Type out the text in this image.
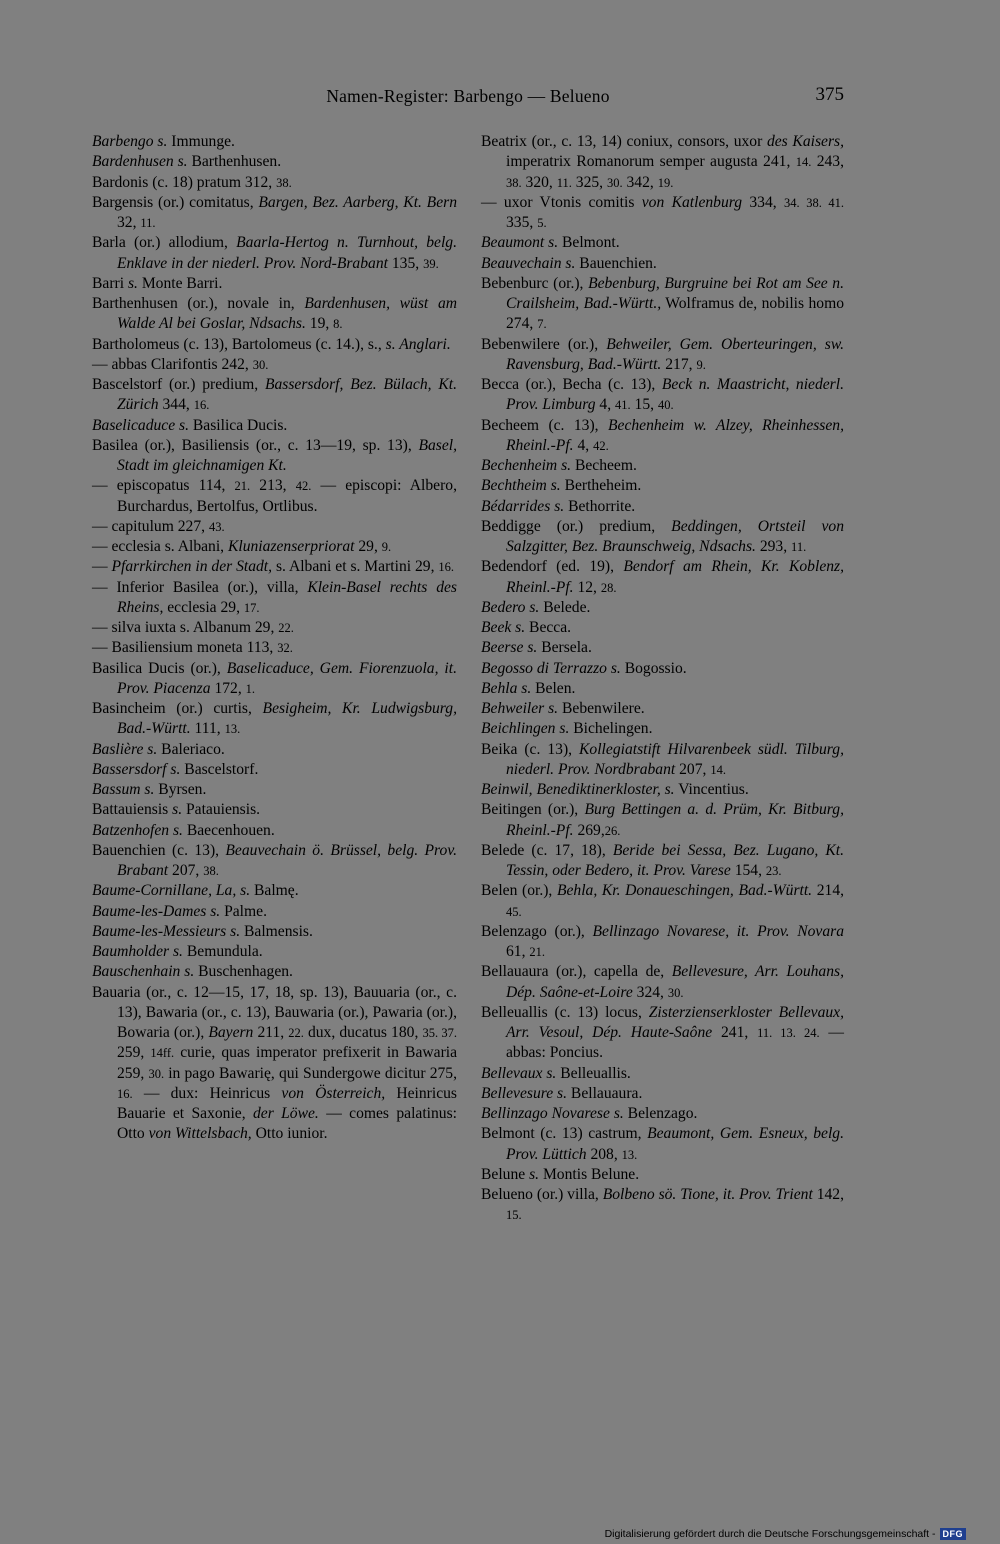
Namen-Register: Barbengo — Belueno	375
Barbengo s. Immunge.
Bardenhusen s. Barthenhusen.
Bardonis (c. 18) pratum 312, 38.
Bargensis (or.) comitatus, Bargen, Bez. Aarberg, Kt. Bern 32, 11.
Barla (or.) allodium, Baarla-Hertog n. Turnhout, belg. Enklave in der niederl. Prov. Nord-Brabant 135, 39.
Barri s. Monte Barri.
Barthenhusen (or.), novale in, Bardenhusen, wüst am Walde Al bei Goslar, Ndsachs. 19, 8.
Bartholomeus (c. 13), Bartolomeus (c. 14.), s., s. Anglari.
— abbas Clarifontis 242, 30.
Bascelstorf (or.) predium, Bassersdorf, Bez. Bülach, Kt. Zürich 344, 16.
Baselicaduce s. Basilica Ducis.
Basilea (or.), Basiliensis (or., c. 13—19, sp. 13), Basel, Stadt im gleichnamigen Kt.
— episcopatus 114, 21. 213, 42. — episcopi: Albero, Burchardus, Bertolfus, Ortlibus.
— capitulum 227, 43.
— ecclesia s. Albani, Kluniazenserpriorat 29, 9.
— Pfarrkirchen in der Stadt, s. Albani et s. Martini 29, 16.
— Inferior Basilea (or.), villa, Klein-Basel rechts des Rheins, ecclesia 29, 17.
— silva iuxta s. Albanum 29, 22.
— Basiliensium moneta 113, 32.
Basilica Ducis (or.), Baselicaduce, Gem. Fiorenzuola, it. Prov. Piacenza 172, 1.
Basincheim (or.) curtis, Besigheim, Kr. Ludwigsburg, Bad.-Württ. 111, 13.
Baslière s. Baleriaco.
Bassersdorf s. Bascelstorf.
Bassum s. Byrsen.
Battauiensis s. Patauiensis.
Batzenhofen s. Baecenhouen.
Bauenchien (c. 13), Beauvechain ö. Brüssel, belg. Prov. Brabant 207, 38.
Baume-Cornillane, La, s. Balmę.
Baume-les-Dames s. Palme.
Baume-les-Messieurs s. Balmensis.
Baumholder s. Bemundula.
Bauschenhain s. Buschenhagen.
Bauaria (or., c. 12—15, 17, 18, sp. 13), Bauuaria (or., c. 13), Bawaria (or., c. 13), Bauwaria (or.), Pawaria (or.), Bowaria (or.), Bayern 211, 22. dux, ducatus 180, 35. 37. 259, 14ff. curie, quas imperator prefixerit in Bawaria 259, 30. in pago Bawarię, qui Sundergowe dicitur 275, 16. — dux: Heinricus von Österreich, Heinricus Bauarie et Saxonie, der Löwe. — comes palatinus: Otto von Wittelsbach, Otto iunior.
Beatrix (or., c. 13, 14) coniux, consors, uxor des Kaisers, imperatrix Romanorum semper augusta 241, 14. 243, 38. 320, 11. 325, 30. 342, 19.
— uxor Vtonis comitis von Katlenburg 334, 34. 38. 41. 335, 5.
Beaumont s. Belmont.
Beauvechain s. Bauenchien.
Bebenburc (or.), Bebenburg, Burgruine bei Rot am See n. Crailsheim, Bad.-Württ., Wolframus de, nobilis homo 274, 7.
Bebenwilere (or.), Behweiler, Gem. Oberteuringen, sw. Ravensburg, Bad.-Württ. 217, 9.
Becca (or.), Becha (c. 13), Beck n. Maastricht, niederl. Prov. Limburg 4, 41. 15, 40.
Becheem (c. 13), Bechenheim w. Alzey, Rheinhessen, Rheinl.-Pf. 4, 42.
Bechenheim s. Becheem.
Bechtheim s. Bertheheim.
Bédarrides s. Bethorrite.
Beddigge (or.) predium, Beddingen, Ortsteil von Salzgitter, Bez. Braunschweig, Ndsachs. 293, 11.
Bedendorf (ed. 19), Bendorf am Rhein, Kr. Koblenz, Rheinl.-Pf. 12, 28.
Bedero s. Belede.
Beek s. Becca.
Beerse s. Bersela.
Begosso di Terrazzo s. Bogossio.
Behla s. Belen.
Behweiler s. Bebenwilere.
Beichlingen s. Bichelingen.
Beika (c. 13), Kollegiatstift Hilvarenbeek südl. Tilburg, niederl. Prov. Nordbrabant 207, 14.
Beinwil, Benediktinerkloster, s. Vincentius.
Beitingen (or.), Burg Bettingen a. d. Prüm, Kr. Bitburg, Rheinl.-Pf. 269,26.
Belede (c. 17, 18), Beride bei Sessa, Bez. Lugano, Kt. Tessin, oder Bedero, it. Prov. Varese 154, 23.
Belen (or.), Behla, Kr. Donaueschingen, Bad.-Württ. 214, 45.
Belenzago (or.), Bellinzago Novarese, it. Prov. Novara 61, 21.
Bellauaura (or.), capella de, Bellevesure, Arr. Louhans, Dép. Saône-et-Loire 324, 30.
Belleuallis (c. 13) locus, Zisterzienserkloster Bellevaux, Arr. Vesoul, Dép. Haute-Saône 241, 11. 13. 24. — abbas: Poncius.
Bellevaux s. Belleuallis.
Bellevesure s. Bellauaura.
Bellinzago Novarese s. Belenzago.
Belmont (c. 13) castrum, Beaumont, Gem. Esneux, belg. Prov. Lüttich 208, 13.
Belune s. Montis Belune.
Belueno (or.) villa, Bolbeno sö. Tione, it. Prov. Trient 142, 15.
Digitalisierung gefördert durch die Deutsche Forschungsgemeinschaft - DFG
